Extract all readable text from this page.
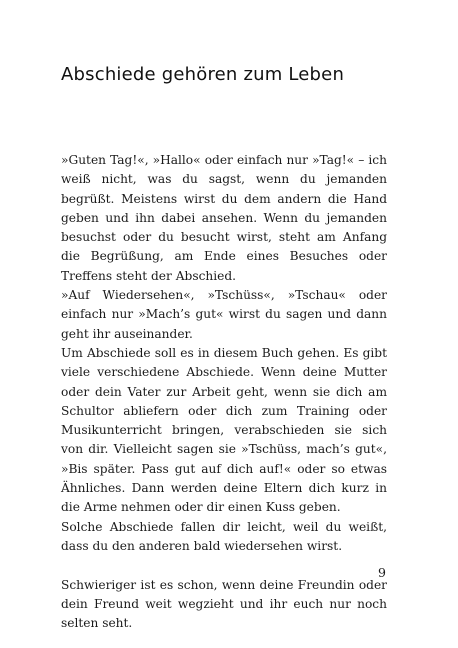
Abschiede gehören zum Leben

»Guten Tag!«, »Hallo« oder einfach nur »Tag!« – ich weiß nicht, was du sagst, wenn du jemanden begrüßt. Meistens wirst du dem andern die Hand geben und ihn dabei ansehen. Wenn du jemanden besuchst oder du besucht wirst, steht am Anfang die Begrüßung, am Ende eines Besuches oder Treffens steht der Abschied.

»Auf Wiedersehen«, »Tschüss«, »Tschau« oder einfach nur »Mach’s gut« wirst du sagen und dann geht ihr auseinander.

Um Abschiede soll es in diesem Buch gehen. Es gibt viele verschiedene Abschiede. Wenn deine Mutter oder dein Vater zur Arbeit geht, wenn sie dich am Schultor abliefern oder dich zum Training oder Musikunterricht bringen, verabschieden sie sich von dir. Vielleicht sagen sie »Tschüss, mach’s gut«, »Bis später. Pass gut auf dich auf!« oder so etwas Ähnliches. Dann werden deine Eltern dich kurz in die Arme nehmen oder dir einen Kuss geben.

Solche Abschiede fallen dir leicht, weil du weißt, dass du den anderen bald wiedersehen wirst.

Schwieriger ist es schon, wenn deine Freundin oder dein Freund weit wegzieht und ihr euch nur noch selten seht.

9
